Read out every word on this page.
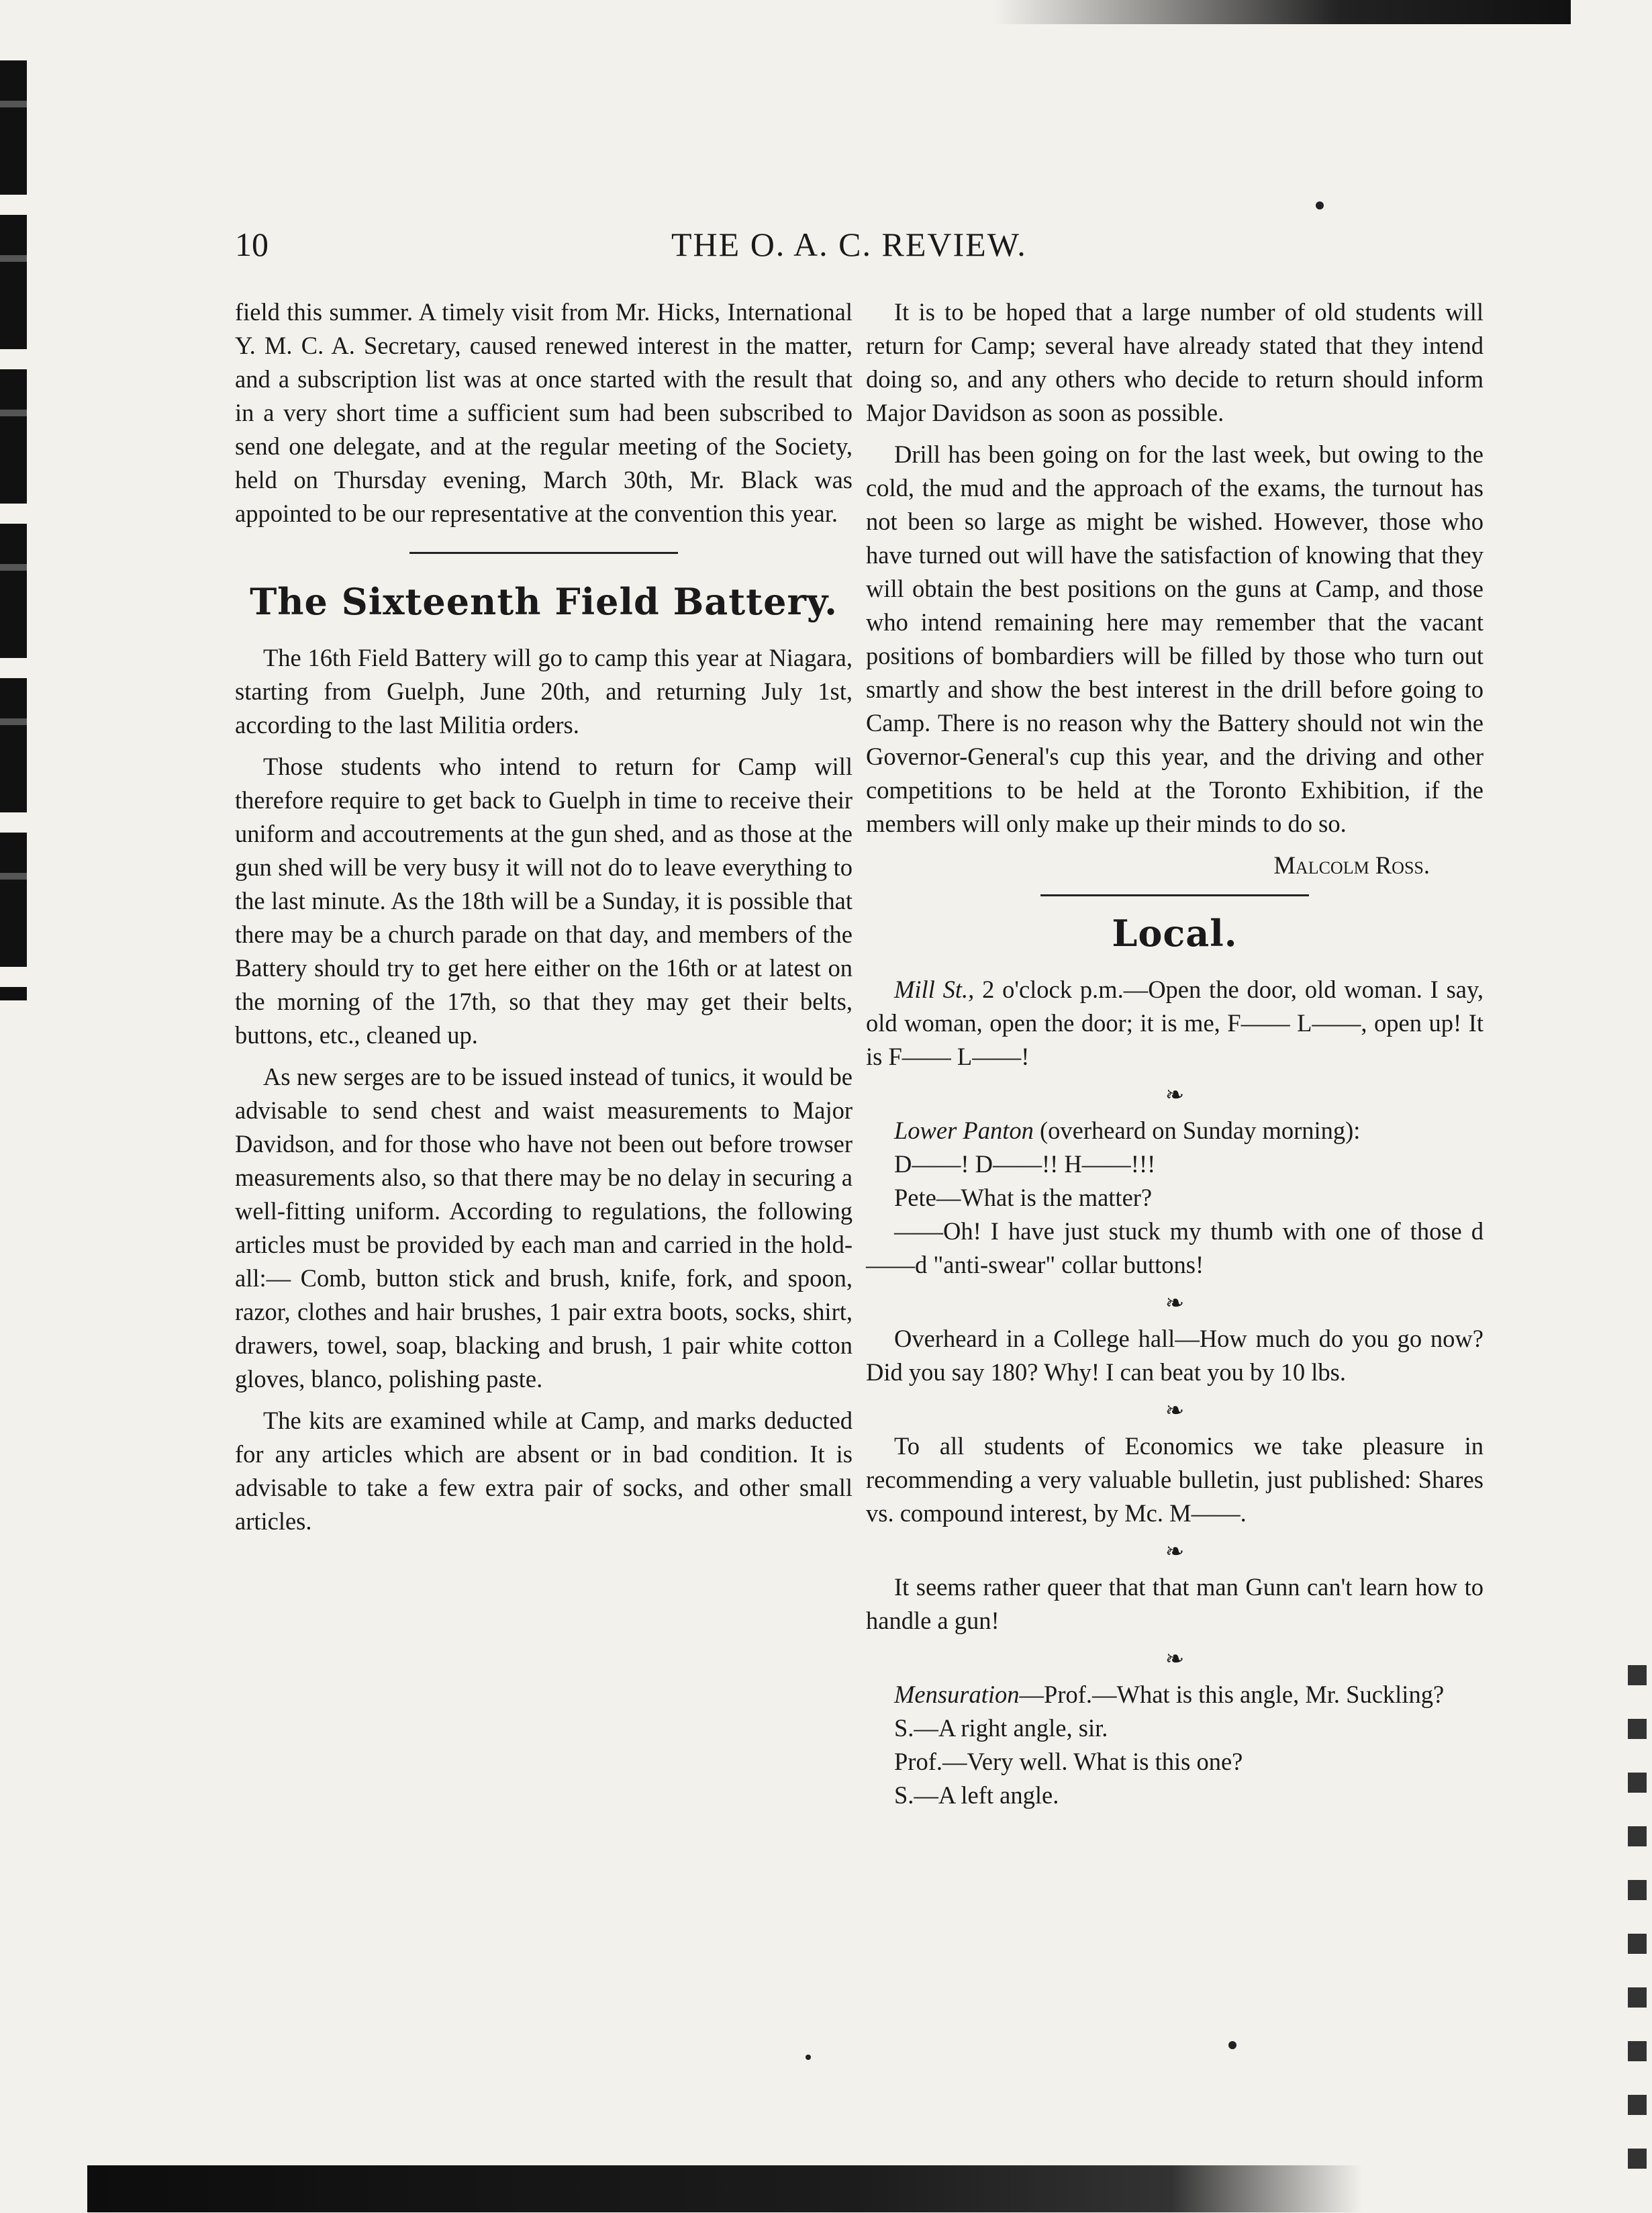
10	THE O. A. C. REVIEW.

field this summer. A timely visit from Mr. Hicks, International Y. M. C. A. Secretary, caused renewed interest in the matter, and a subscription list was at once started with the result that in a very short time a sufficient sum had been subscribed to send one delegate, and at the regular meeting of the Society, held on Thursday evening, March 30th, Mr. Black was appointed to be our representative at the convention this year.

The Sixteenth Field Battery.

The 16th Field Battery will go to camp this year at Niagara, starting from Guelph, June 20th, and returning July 1st, according to the last Militia orders.

Those students who intend to return for Camp will therefore require to get back to Guelph in time to receive their uniform and accoutrements at the gun shed, and as those at the gun shed will be very busy it will not do to leave everything to the last minute. As the 18th will be a Sunday, it is possible that there may be a church parade on that day, and members of the Battery should try to get here either on the 16th or at latest on the morning of the 17th, so that they may get their belts, buttons, etc., cleaned up.

As new serges are to be issued instead of tunics, it would be advisable to send chest and waist measurements to Major Davidson, and for those who have not been out before trowser measurements also, so that there may be no delay in securing a well-fitting uniform. According to regulations, the following articles must be provided by each man and carried in the hold-all:— Comb, button stick and brush, knife, fork, and spoon, razor, clothes and hair brushes, 1 pair extra boots, socks, shirt, drawers, towel, soap, blacking and brush, 1 pair white cotton gloves, blanco, polishing paste.

The kits are examined while at Camp, and marks deducted for any articles which are absent or in bad condition. It is advisable to take a few extra pair of socks, and other small articles.

It is to be hoped that a large number of old students will return for Camp; several have already stated that they intend doing so, and any others who decide to return should inform Major Davidson as soon as possible.

Drill has been going on for the last week, but owing to the cold, the mud and the approach of the exams, the turnout has not been so large as might be wished. However, those who have turned out will have the satisfaction of knowing that they will obtain the best positions on the guns at Camp, and those who intend remaining here may remember that the vacant positions of bombardiers will be filled by those who turn out smartly and show the best interest in the drill before going to Camp. There is no reason why the Battery should not win the Governor-General's cup this year, and the driving and other competitions to be held at the Toronto Exhibition, if the members will only make up their minds to do so.

Malcolm Ross.

Local.

Mill St., 2 o'clock p.m.—Open the door, old woman. I say, old woman, open the door; it is me, F—— L——, open up! It is F—— L——!

❧

Lower Panton (overheard on Sunday morning):

D——! D——!! H——!!!
Pete—What is the matter?

——Oh! I have just stuck my thumb with one of those d——d "anti-swear" collar buttons!

❧

Overheard in a College hall—How much do you go now? Did you say 180? Why! I can beat you by 10 lbs.

❧

To all students of Economics we take pleasure in recommending a very valuable bulletin, just published: Shares vs. compound interest, by Mc. M——.

❧

It seems rather queer that that man Gunn can't learn how to handle a gun!

❧

Mensuration—Prof.—What is this angle, Mr. Suckling?

S.—A right angle, sir.
Prof.—Very well. What is this one?
S.—A left angle.
